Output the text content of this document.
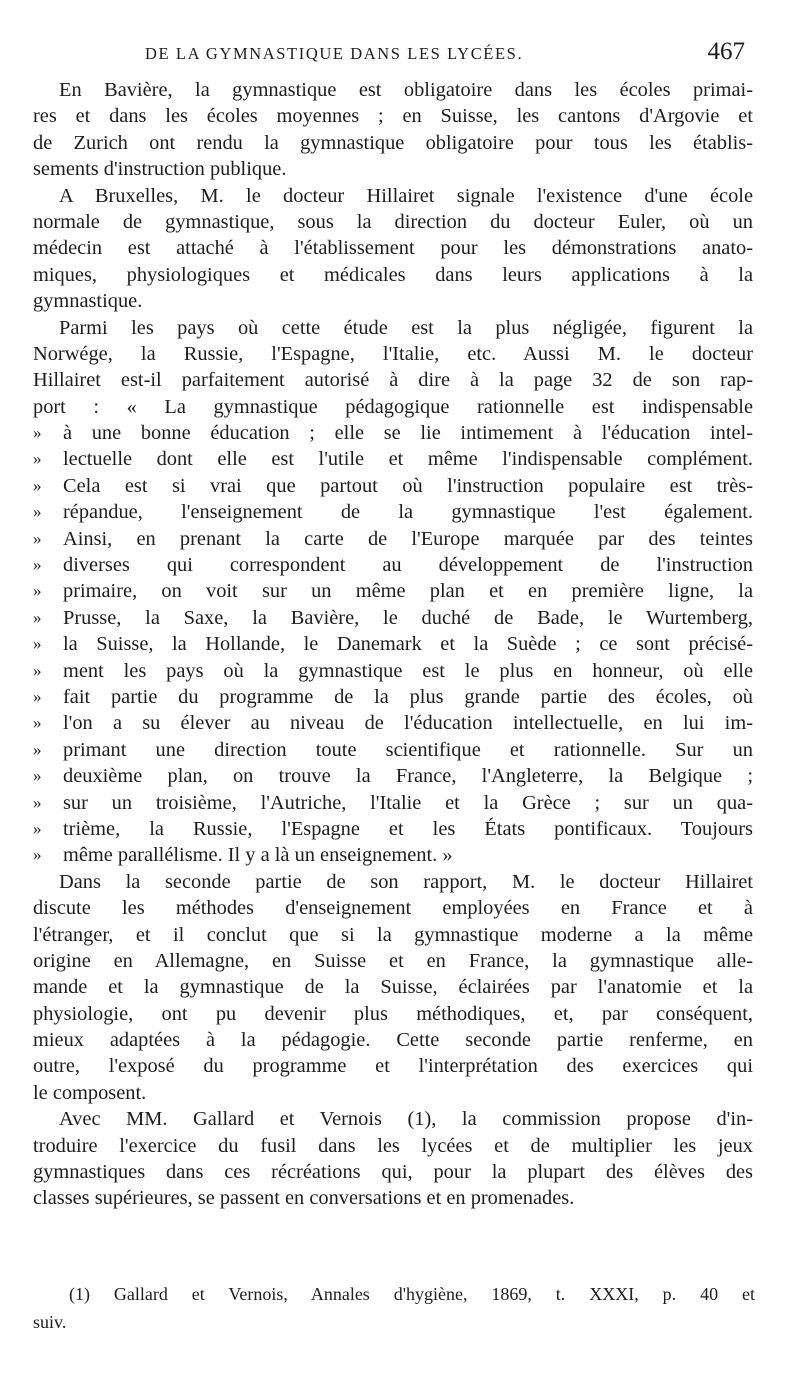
DE LA GYMNASTIQUE DANS LES LYCÉES.	467
En Bavière, la gymnastique est obligatoire dans les écoles primai-
res et dans les écoles moyennes ; en Suisse, les cantons d'Argovie et
de Zurich ont rendu la gymnastique obligatoire pour tous les établis-
sements d'instruction publique.
A Bruxelles, M. le docteur Hillairet signale l'existence d'une école
normale de gymnastique, sous la direction du docteur Euler, où un
médecin est attaché à l'établissement pour les démonstrations anato-
miques, physiologiques et médicales dans leurs applications à la
gymnastique.
Parmi les pays où cette étude est la plus négligée, figurent la
Norwége, la Russie, l'Espagne, l'Italie, etc. Aussi M. le docteur
Hillairet est-il parfaitement autorisé à dire à la page 32 de son rap-
port : « La gymnastique pédagogique rationnelle est indispensable
»	à une bonne éducation ; elle se lie intimement à l'éducation intel-
»	lectuelle dont elle est l'utile et même l'indispensable complément.
»	Cela est si vrai que partout où l'instruction populaire est très-
»	répandue, l'enseignement de la gymnastique l'est également.
»	Ainsi, en prenant la carte de l'Europe marquée par des teintes
»	diverses qui correspondent au développement de l'instruction
»	primaire, on voit sur un même plan et en première ligne, la
»	Prusse, la Saxe, la Bavière, le duché de Bade, le Wurtemberg,
»	la Suisse, la Hollande, le Danemark et la Suède ; ce sont précisé-
»	ment les pays où la gymnastique est le plus en honneur, où elle
»	fait partie du programme de la plus grande partie des écoles, où
»	l'on a su élever au niveau de l'éducation intellectuelle, en lui im-
»	primant une direction toute scientifique et rationnelle. Sur un
»	deuxième plan, on trouve la France, l'Angleterre, la Belgique ;
»	sur un troisième, l'Autriche, l'Italie et la Grèce ; sur un qua-
»	trième, la Russie, l'Espagne et les États pontificaux. Toujours
»	même parallélisme. Il y a là un enseignement. »
Dans la seconde partie de son rapport, M. le docteur Hillairet
discute les méthodes d'enseignement employées en France et à
l'étranger, et il conclut que si la gymnastique moderne a la même
origine en Allemagne, en Suisse et en France, la gymnastique alle-
mande et la gymnastique de la Suisse, éclairées par l'anatomie et la
physiologie, ont pu devenir plus méthodiques, et, par conséquent,
mieux adaptées à la pédagogie. Cette seconde partie renferme, en
outre, l'exposé du programme et l'interprétation des exercices qui
le composent.
Avec MM. Gallard et Vernois (1), la commission propose d'in-
troduire l'exercice du fusil dans les lycées et de multiplier les jeux
gymnastiques dans ces récréations qui, pour la plupart des élèves des
classes supérieures, se passent en conversations et en promenades.
(1) Gallard et Vernois, Annales d'hygiène, 1869, t. XXXI, p. 40 et
suiv.
